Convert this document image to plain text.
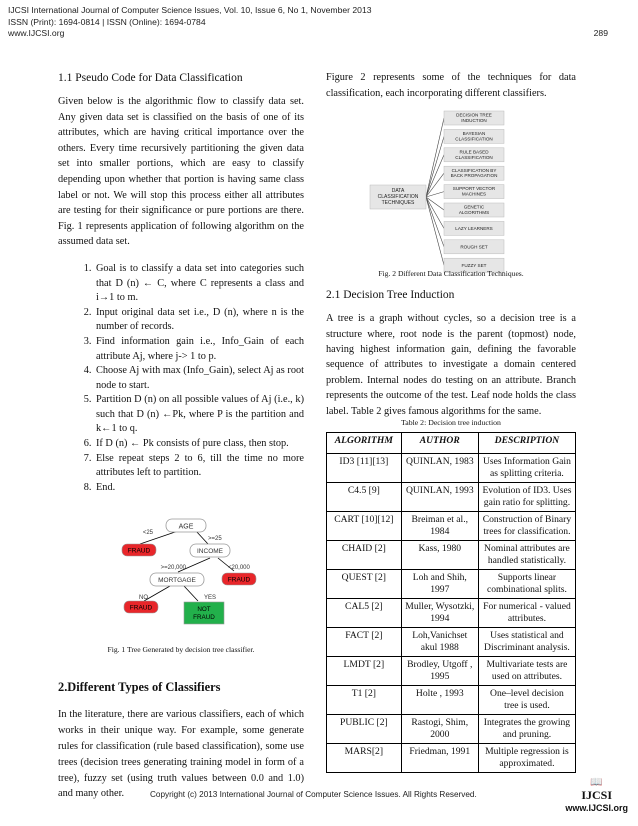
IJCSI International Journal of Computer Science Issues, Vol. 10, Issue 6, No 1, November 2013
ISSN (Print): 1694-0814 | ISSN (Online): 1694-0784
www.IJCSI.org	289
1.1 Pseudo Code for Data Classification

Given below is the algorithmic flow to classify data set. Any given data set is classified on the basis of one of its attributes, which are having critical importance over the others. Every time recursively partitioning the given data set into smaller portions, which are easy to classify depending upon whether that portion is having same class label or not. We will stop this process either all attributes are testing for their significance or pure portions are there. Fig. 1 represents application of following algorithm on the assumed data set.

1. Goal is to classify a data set into categories such that D (n) ← C, where C represents a class and i→1 to m.
2. Input original data set i.e., D (n), where n is the number of records.
3. Find information gain i.e., Info_Gain of each attribute Aj, where j-> 1 to p.
4. Choose Aj with max (Info_Gain), select Aj as root node to start.
5. Partition D (n) on all possible values of Aj (i.e., k) such that D (n) ←Pk, where P is the partition and k←1 to q.
6. If D (n) ← Pk consists of pure class, then stop.
7. Else repeat steps 2 to 6, till the time no more attributes left to partition.
8. End.
AGE
<25
>=25
FRAUD	INCOME
>=20,000	<20,000
MORTGAGE	FRAUD
NO	YES
FRAUD	NOT FRAUD
Fig. 1 Tree Generated by decision tree classifier.
2.Different Types of Classifiers

In the literature, there are various classifiers, each of which works in their unique way. For example, some generate rules for classification (rule based classification), some use trees (decision trees generating training model in form of a tree), fuzzy set (using truth values between 0.0 and 1.0) and many other.

Figure 2 represents some of the techniques for data classification, each incorporating different classifiers.

DATA CLASSIFICATION TECHNIQUES
DECISION TREE INDUCTION
BAYESIAN CLASSIFICATION
RULE BASED CLASSIFICATION
CLASSIFICATION BY BACK PROPAGATION
SUPPORT VECTOR MACHINES
GENETIC ALGORITHMS
LAZY LEARNERS
ROUGH SET
FUZZY SET
Fig. 2 Different Data Classification Techniques.
2.1 Decision Tree Induction

A tree is a graph without cycles, so a decision tree is a structure where, root node is the parent (topmost) node, having highest information gain, defining the favorable sequence of attributes to investigate a domain centered problem. Internal nodes do testing on an attribute. Branch represents the outcome of the test. Leaf node holds the class label. Table 2 gives famous algorithms for the same.

Table 2: Decision tree induction
ALGORITHM	AUTHOR	DESCRIPTION
ID3 [11][13]	QUINLAN, 1983	Uses Information Gain as splitting criteria.
C4.5 [9]	QUINLAN, 1993	Evolution of ID3. Uses gain ratio for splitting.
CART [10][12]	Breiman et al., 1984	Construction of Binary trees for classification.
CHAID [2]	Kass, 1980	Nominal attributes are handled statistically.
QUEST [2]	Loh and Shih, 1997	Supports linear combinational splits.
CAL5 [2]	Muller, Wysotzki, 1994	For numerical - valued attributes.
FACT [2]	Loh,Vanichset akul 1988	Uses statistical and Discriminant analysis.
LMDT [2]	Brodley, Utgoff , 1995	Multivariate tests are used on attributes.
T1 [2]	Holte , 1993	One–level decision tree is used.
PUBLIC [2]	Rastogi, Shim, 2000	Integrates the growing and pruning.
MARS[2]	Friedman, 1991	Multiple regression is approximated.
Copyright (c) 2013 International Journal of Computer Science Issues. All Rights Reserved.
📖
IJCSI
www.IJCSI.org
